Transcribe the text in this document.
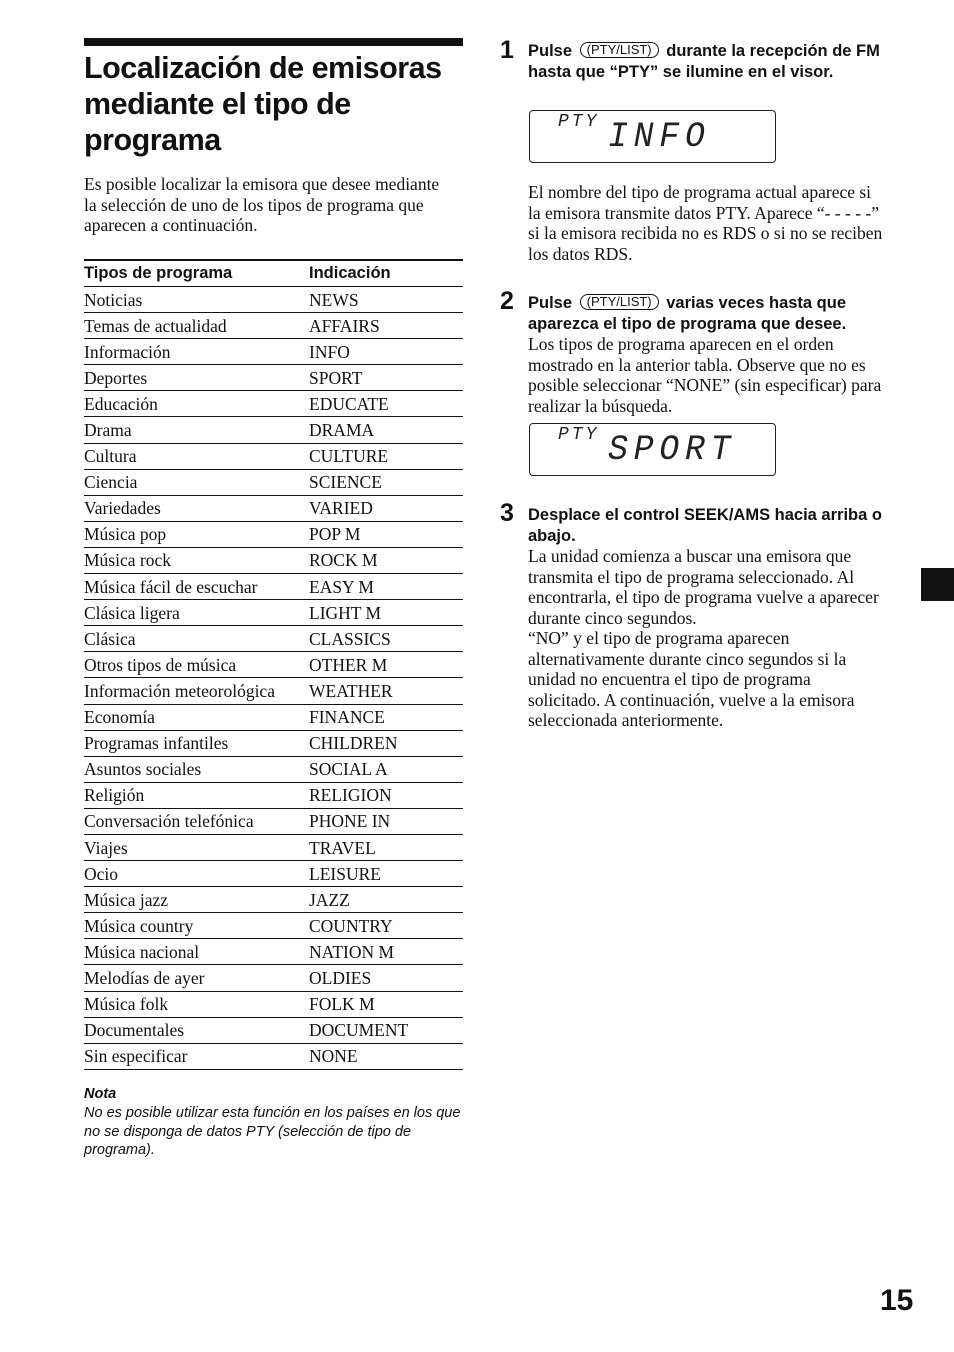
Localización de emisoras mediante el tipo de programa

Es posible localizar la emisora que desee mediante la selección de uno de los tipos de programa que aparecen a continuación.

Tipos de programa	Indicación
Noticias	NEWS
Temas de actualidad	AFFAIRS
Información	INFO
Deportes	SPORT
Educación	EDUCATE
Drama	DRAMA
Cultura	CULTURE
Ciencia	SCIENCE
Variedades	VARIED
Música pop	POP M
Música rock	ROCK M
Música fácil de escuchar	EASY M
Clásica ligera	LIGHT M
Clásica	CLASSICS
Otros tipos de música	OTHER M
Información meteorológica	WEATHER
Economía	FINANCE
Programas infantiles	CHILDREN
Asuntos sociales	SOCIAL A
Religión	RELIGION
Conversación telefónica	PHONE IN
Viajes	TRAVEL
Ocio	LEISURE
Música jazz	JAZZ
Música country	COUNTRY
Música nacional	NATION M
Melodías de ayer	OLDIES
Música folk	FOLK M
Documentales	DOCUMENT
Sin especificar	NONE

Nota

No es posible utilizar esta función en los países en los que no se disponga de datos PTY (selección de tipo de programa).

1 Pulse (PTY/LIST) durante la recepción de FM hasta que “PTY” se ilumine en el visor.

PTY INFO

El nombre del tipo de programa actual aparece si la emisora transmite datos PTY. Aparece “- - - - -” si la emisora recibida no es RDS o si no se reciben los datos RDS.

2 Pulse (PTY/LIST) varias veces hasta que aparezca el tipo de programa que desee.

Los tipos de programa aparecen en el orden mostrado en la anterior tabla. Observe que no es posible seleccionar “NONE” (sin especificar) para realizar la búsqueda.

PTY SPORT
3 Desplace el control SEEK/AMS hacia arriba o abajo.

La unidad comienza a buscar una emisora que transmita el tipo de programa seleccionado. Al encontrarla, el tipo de programa vuelve a aparecer durante cinco segundos.

“NO” y el tipo de programa aparecen alternativamente durante cinco segundos si la unidad no encuentra el tipo de programa solicitado. A continuación, vuelve a la emisora seleccionada anteriormente.

15
